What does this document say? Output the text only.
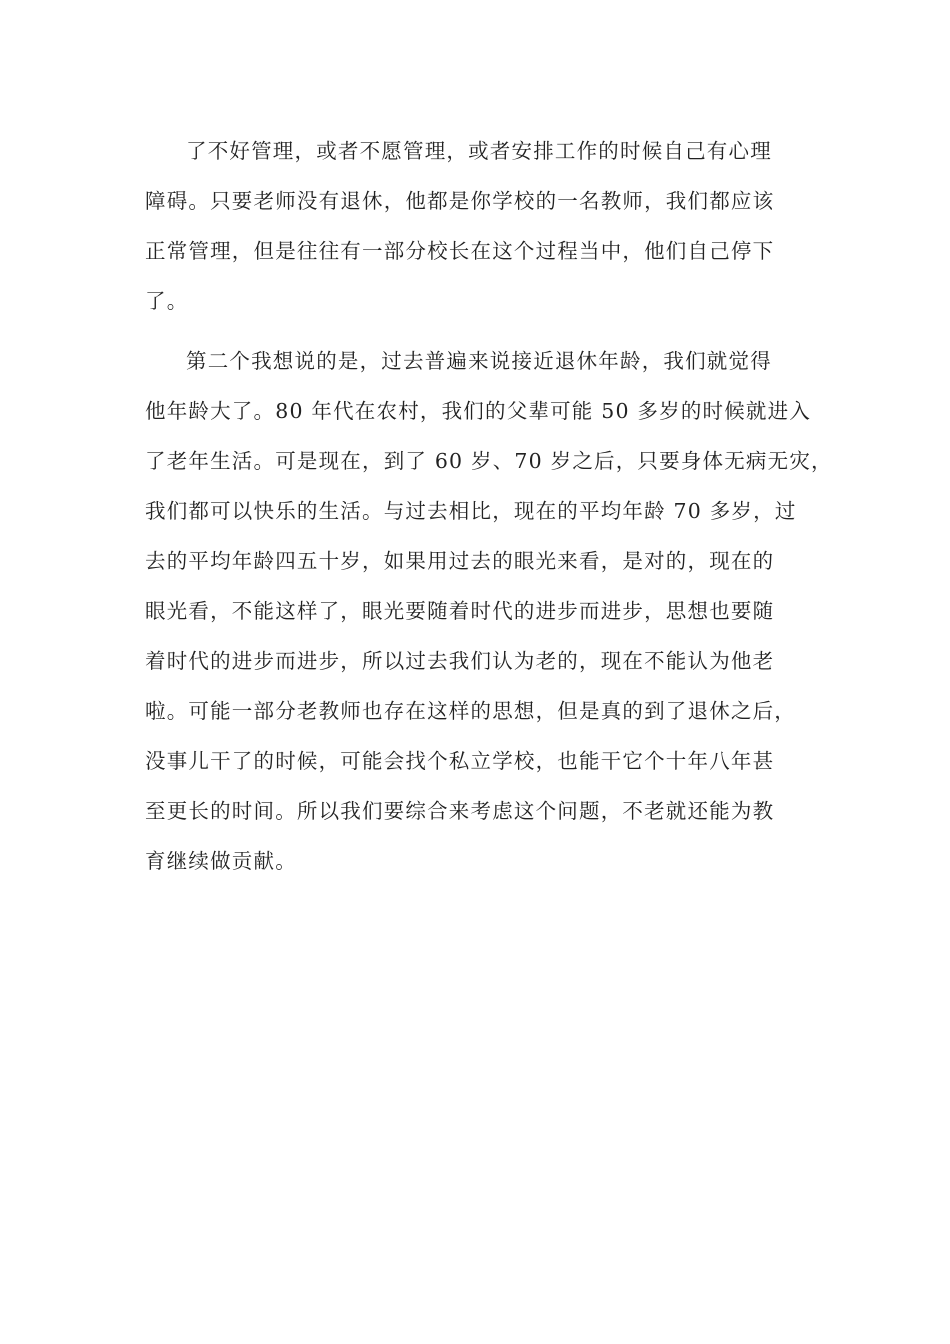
了不好管理，或者不愿管理，或者安排工作的时候自己有心理
障碍。只要老师没有退休，他都是你学校的一名教师，我们都应该
正常管理，但是往往有一部分校长在这个过程当中，他们自己停下
了。

第二个我想说的是，过去普遍来说接近退休年龄，我们就觉得
他年龄大了。80 年代在农村，我们的父辈可能 50 多岁的时候就进入
了老年生活。可是现在，到了 60 岁、70 岁之后，只要身体无病无灾，
我们都可以快乐的生活。与过去相比，现在的平均年龄 70 多岁，过
去的平均年龄四五十岁，如果用过去的眼光来看，是对的，现在的
眼光看，不能这样了，眼光要随着时代的进步而进步，思想也要随
着时代的进步而进步，所以过去我们认为老的，现在不能认为他老
啦。可能一部分老教师也存在这样的思想，但是真的到了退休之后，
没事儿干了的时候，可能会找个私立学校，也能干它个十年八年甚
至更长的时间。所以我们要综合来考虑这个问题，不老就还能为教
育继续做贡献。
